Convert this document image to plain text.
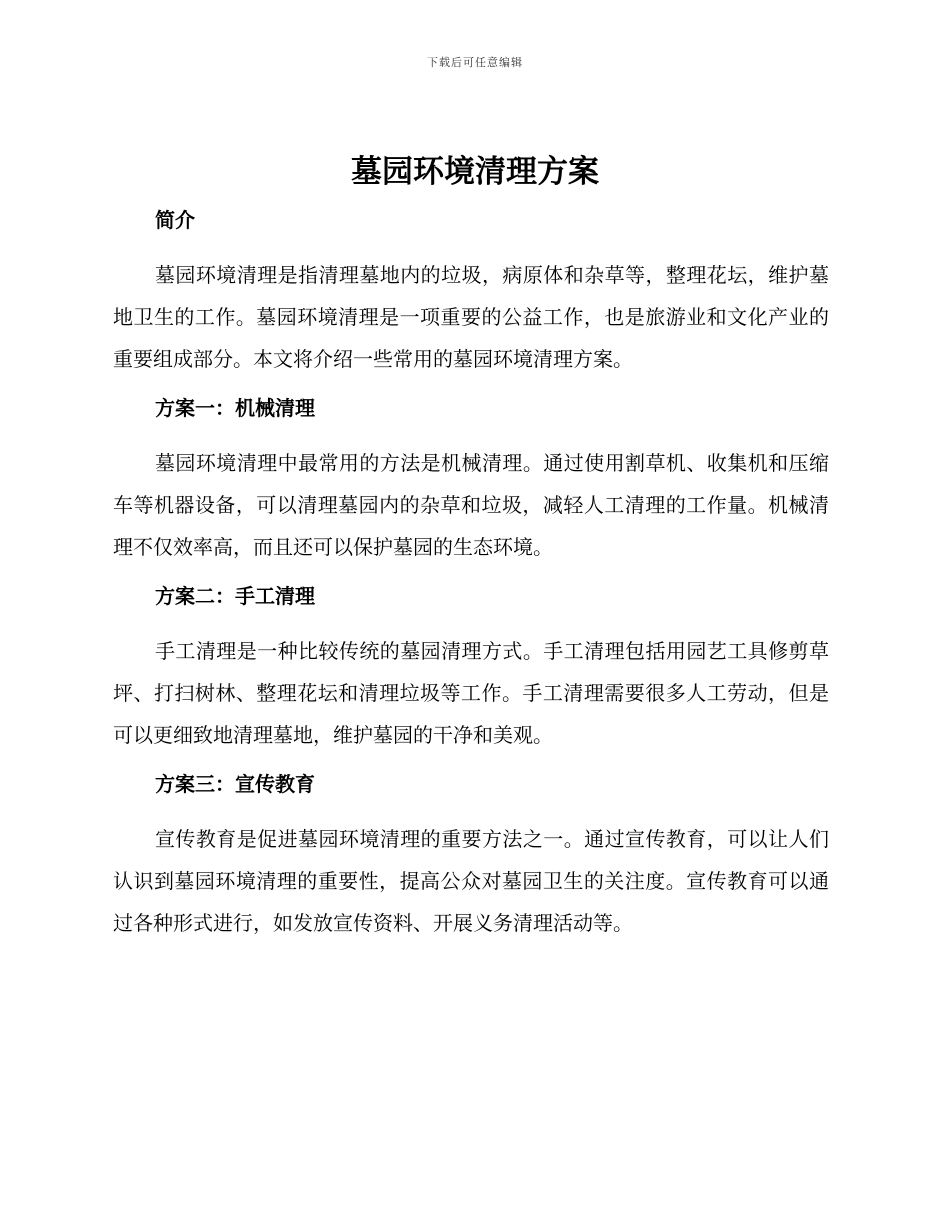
下载后可任意编辑
墓园环境清理方案
简介

墓园环境清理是指清理墓地内的垃圾，病原体和杂草等，整理花坛，维护墓地卫生的工作。墓园环境清理是一项重要的公益工作，也是旅游业和文化产业的重要组成部分。本文将介绍一些常用的墓园环境清理方案。

方案一：机械清理

墓园环境清理中最常用的方法是机械清理。通过使用割草机、收集机和压缩车等机器设备，可以清理墓园内的杂草和垃圾，减轻人工清理的工作量。机械清理不仅效率高，而且还可以保护墓园的生态环境。

方案二：手工清理

手工清理是一种比较传统的墓园清理方式。手工清理包括用园艺工具修剪草坪、打扫树林、整理花坛和清理垃圾等工作。手工清理需要很多人工劳动，但是可以更细致地清理墓地，维护墓园的干净和美观。

方案三：宣传教育

宣传教育是促进墓园环境清理的重要方法之一。通过宣传教育，可以让人们认识到墓园环境清理的重要性，提高公众对墓园卫生的关注度。宣传教育可以通过各种形式进行，如发放宣传资料、开展义务清理活动等。
